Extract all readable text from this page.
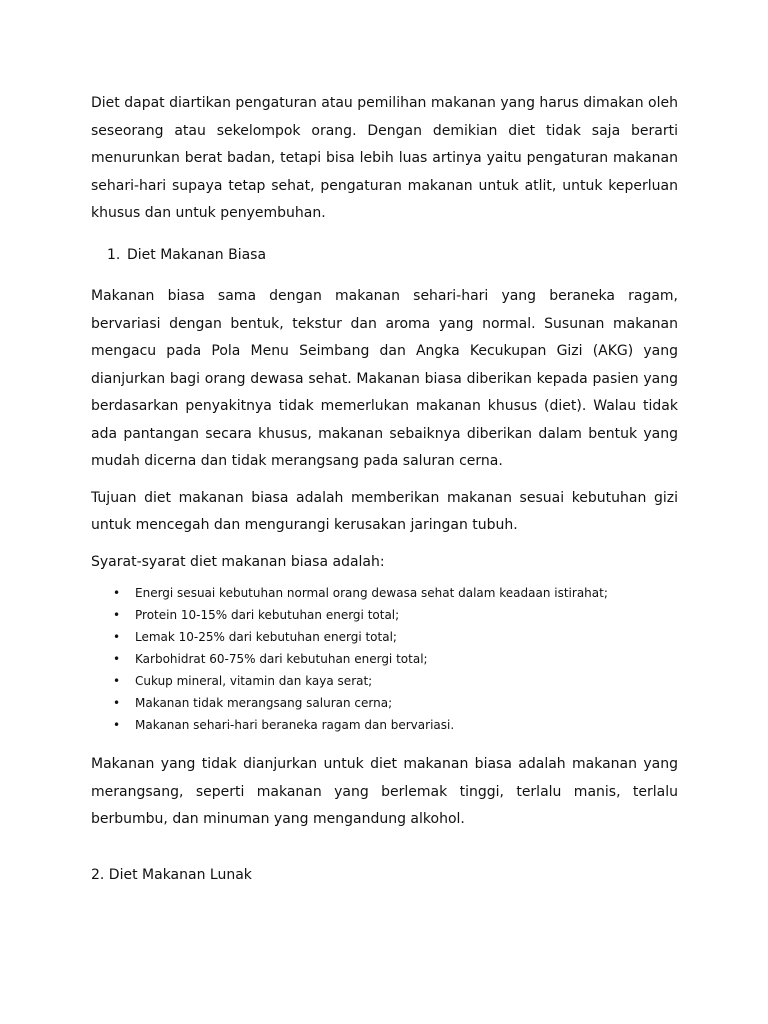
Diet dapat diartikan pengaturan atau pemilihan makanan yang harus dimakan oleh seseorang atau sekelompok orang. Dengan demikian diet tidak saja berarti menurunkan berat badan, tetapi bisa lebih luas artinya yaitu pengaturan makanan sehari-hari supaya tetap sehat, pengaturan makanan untuk atlit, untuk keperluan khusus dan untuk penyembuhan.

1. Diet Makanan Biasa

Makanan biasa sama dengan makanan sehari-hari yang beraneka ragam, bervariasi dengan bentuk, tekstur dan aroma yang normal. Susunan makanan mengacu pada Pola Menu Seimbang dan Angka Kecukupan Gizi (AKG) yang dianjurkan bagi orang dewasa sehat. Makanan biasa diberikan kepada pasien yang berdasarkan penyakitnya tidak memerlukan makanan khusus (diet). Walau tidak ada pantangan secara khusus, makanan sebaiknya diberikan dalam bentuk yang mudah dicerna dan tidak merangsang pada saluran cerna.

Tujuan diet makanan biasa adalah memberikan makanan sesuai kebutuhan gizi untuk mencegah dan mengurangi kerusakan jaringan tubuh.

Syarat-syarat diet makanan biasa adalah:

• Energi sesuai kebutuhan normal orang dewasa sehat dalam keadaan istirahat;
• Protein 10-15% dari kebutuhan energi total;
• Lemak 10-25% dari kebutuhan energi total;
• Karbohidrat 60-75% dari kebutuhan energi total;
• Cukup mineral, vitamin dan kaya serat;
• Makanan tidak merangsang saluran cerna;
• Makanan sehari-hari beraneka ragam dan bervariasi.

Makanan yang tidak dianjurkan untuk diet makanan biasa adalah makanan yang merangsang, seperti makanan yang berlemak tinggi, terlalu manis, terlalu berbumbu, dan minuman yang mengandung alkohol.

2. Diet Makanan Lunak
